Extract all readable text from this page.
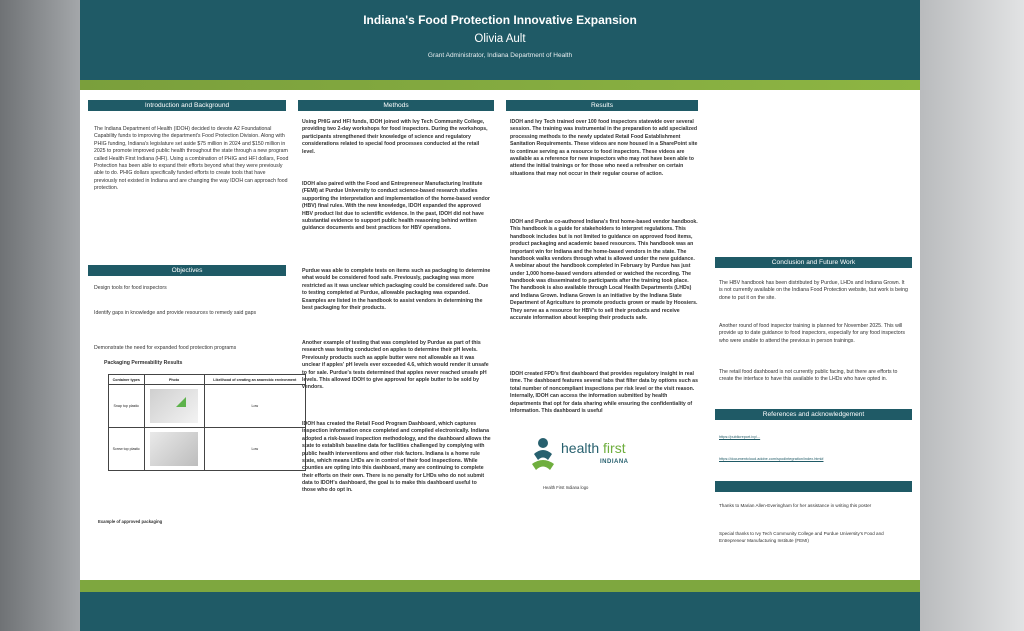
Indiana's Food Protection Innovative Expansion
Olivia Ault
Grant Administrator, Indiana Department of Health
Introduction and Background
The Indiana Department of Health (IDOH) decided to devote A2 Foundational Capability funds to improving the department's Food Protection Division. Along with PHIG funding, Indiana's legislature set aside $75 million in 2024 and $150 million in 2025 to promote improved public health throughout the state through a new program called Health First Indiana (HFI). Using a combination of PHIG and HFI dollars, Food Protection has been able to expand their efforts beyond what they were previously able to do. PHIG dollars specifically funded efforts to create tools that have previously not existed in Indiana and are changing the way IDOH can approach food protection.
Objectives
Design tools for food inspectors
Identify gaps in knowledge and provide resources to remedy said gaps
Demonstrate the need for expanded food protection programs
Packaging Permeability Results
Container types	Photo	Likelihood of creating an anaerobic environment
Snap top plastic		Low
Screw top plastic		Low
Example of approved packaging
Methods
Using PHIG and HFI funds, IDOH joined with Ivy Tech Community College, providing two 2-day workshops for food inspectors. During the workshops, participants strengthened their knowledge of science and regulatory considerations related to special food processes conducted at the retail level.
IDOH also paired with the Food and Entrepreneur Manufacturing Institute (FEMI) at Purdue University to conduct science-based research studies supporting the interpretation and implementation of the home-based vendor (HBV) final rules. With the new knowledge, IDOH expanded the approved HBV product list due to scientific evidence. In the past, IDOH did not have substantial evidence to support public health reasoning behind written guidance documents and best practices for HBV operations.
Purdue was able to complete tests on items such as packaging to determine what would be considered food safe. Previously, packaging was more restricted as it was unclear which packaging could be considered safe. Due to testing completed at Purdue, allowable packaging was expanded. Examples are listed in the handbook to assist vendors in determining the best packaging for their products.
Another example of testing that was completed by Purdue as part of this research was testing conducted on apples to determine their pH levels. Previously products such as apple butter were not allowable as it was unclear if apples' pH levels ever exceeded 4.6, which would render it unsafe to for sale. Purdue's tests determined that apples never reached unsafe pH levels. This allowed IDOH to give approval for apple butter to be sold by vendors.
IDOH has created the Retail Food Program Dashboard, which captures inspection information once completed and compiled electronically. Indiana adopted a risk-based inspection methodology, and the dashboard allows the state to establish baseline data for facilities challenged by complying with public health interventions and other risk factors. Indiana is a home rule state, which means LHDs are in control of their food inspections. While counties are opting into this dashboard, many are continuing to complete their efforts on their own. There is no penalty for LHDs who do not submit data to IDOH's dashboard, the goal is to make this dashboard useful to those who do opt in.
Results
IDOH and Ivy Tech trained over 100 food inspectors statewide over several session. The training was instrumental in the preparation to add specialized processing methods to the newly updated Retail Food Establishment Sanitation Requirements. These videos are now housed in a SharePoint site to continue serving as a resource to food inspectors. These videos are available as a reference for new inspectors who may not have been able to attend the initial trainings or for those who need a refresher on certain situations that may not occur in their regular course of action.
IDOH and Purdue co-authored Indiana's first home-based vendor handbook. This handbook is a guide for stakeholders to interpret regulations. This handbook includes but is not limited to guidance on approved food items, product packaging and academic based resources. This handbook was an important win for Indiana and the home-based vendors in the state. The handbook walks vendors through what is allowed under the new guidance. A webinar about the handbook completed in February by Purdue has just under 1,000 home-based vendors attended or watched the recording. The handbook was disseminated to participants after the training took place. The handbook is also available through Local Health Departments (LHDs) and Indiana Grown. Indiana Grown is an initiative by the Indiana State Department of Agriculture to promote products grown or made by Hoosiers. They serve as a resource for HBV's to sell their products and receive accurate information about keeping their products safe.
IDOH created FPD's first dashboard that provides regulatory insight in real time. The dashboard features several tabs that filter data by options such as total number of noncompliant inspections per risk level or the visit reason. Internally, IDOH can access the information submitted by health departments that opt for data sharing while ensuring the confidentiality of information. This dashboard is useful
health first
INDIANA
Health First Indiana logo
Conclusion and Future Work
The HBV handbook has been distributed by Purdue, LHDs and Indiana Grown. It is not currently available on the Indiana Food Protection website, but work is being done to put it on the site.
Another round of food inspector training is planned for November 2025. This will provide up to date guidance to food inspectors, especially for any food inspectors who were unable to attend the previous in person trainings.
The retail food dashboard is not currently public facing, but there are efforts to create the interface to have this available to the LHDs who have opted in.
References and acknowledgement
https://publicreport.ivy/...
https://documentcloud.adobe.com/spodintegration/index.html#
Thanks to Marian Allen-Everingham for her assistance in writing this poster
Special thanks to Ivy Tech Community College and Purdue University's Food and Entrepreneur Manufacturing Institute (FEMI)
